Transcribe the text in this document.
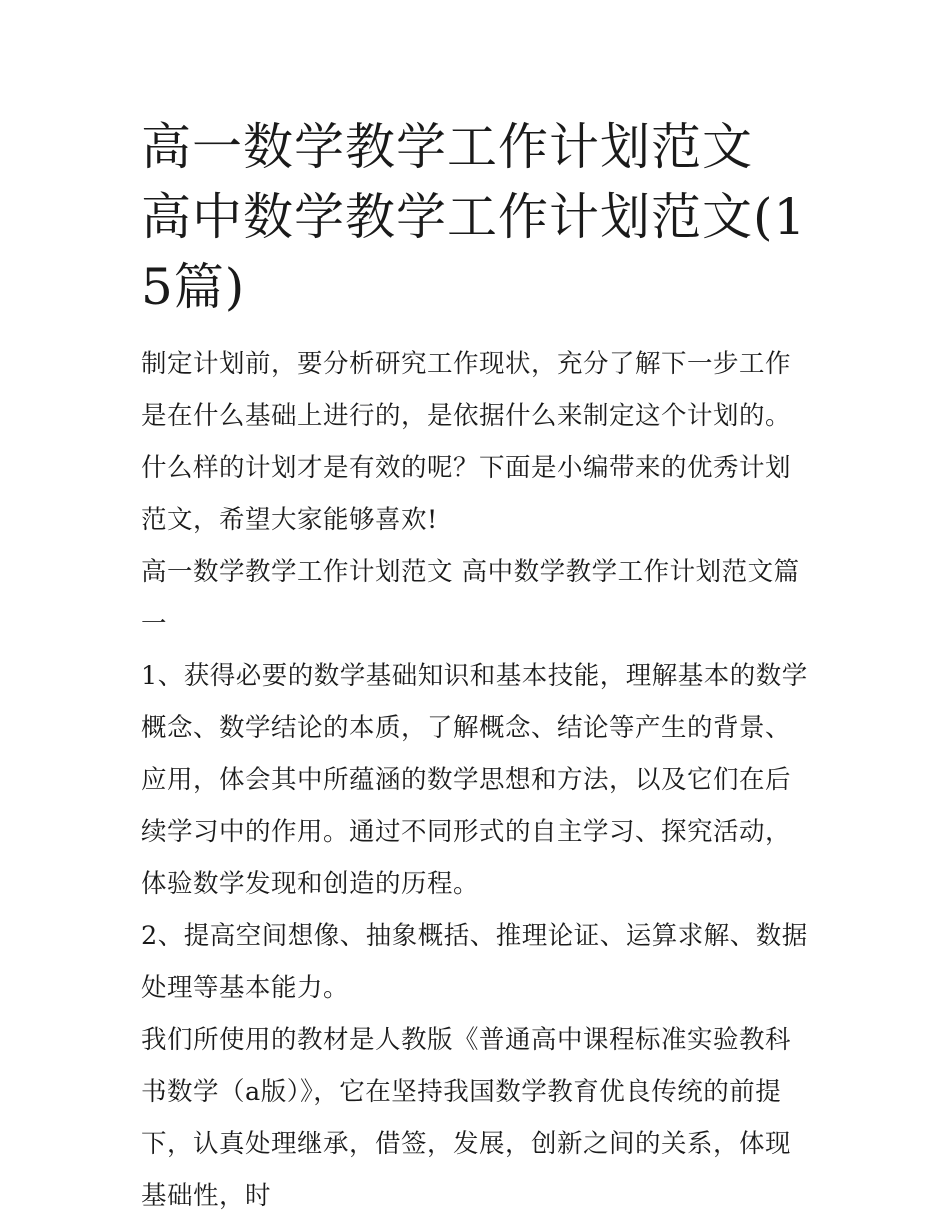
高一数学教学工作计划范文 高中数学教学工作计划范文(15篇)

制定计划前，要分析研究工作现状，充分了解下一步工作是在什么基础上进行的，是依据什么来制定这个计划的。什么样的计划才是有效的呢？下面是小编带来的优秀计划范文，希望大家能够喜欢!

高一数学教学工作计划范文 高中数学教学工作计划范文篇一

1、获得必要的数学基础知识和基本技能，理解基本的数学概念、数学结论的本质，了解概念、结论等产生的背景、应用，体会其中所蕴涵的数学思想和方法，以及它们在后续学习中的作用。通过不同形式的自主学习、探究活动，体验数学发现和创造的历程。

2、提高空间想像、抽象概括、推理论证、运算求解、数据处理等基本能力。

我们所使用的教材是人教版《普通高中课程标准实验教科书数学（a版）》，它在坚持我国数学教育优良传统的前提下，认真处理继承，借签，发展，创新之间的关系，体现基础性，时
